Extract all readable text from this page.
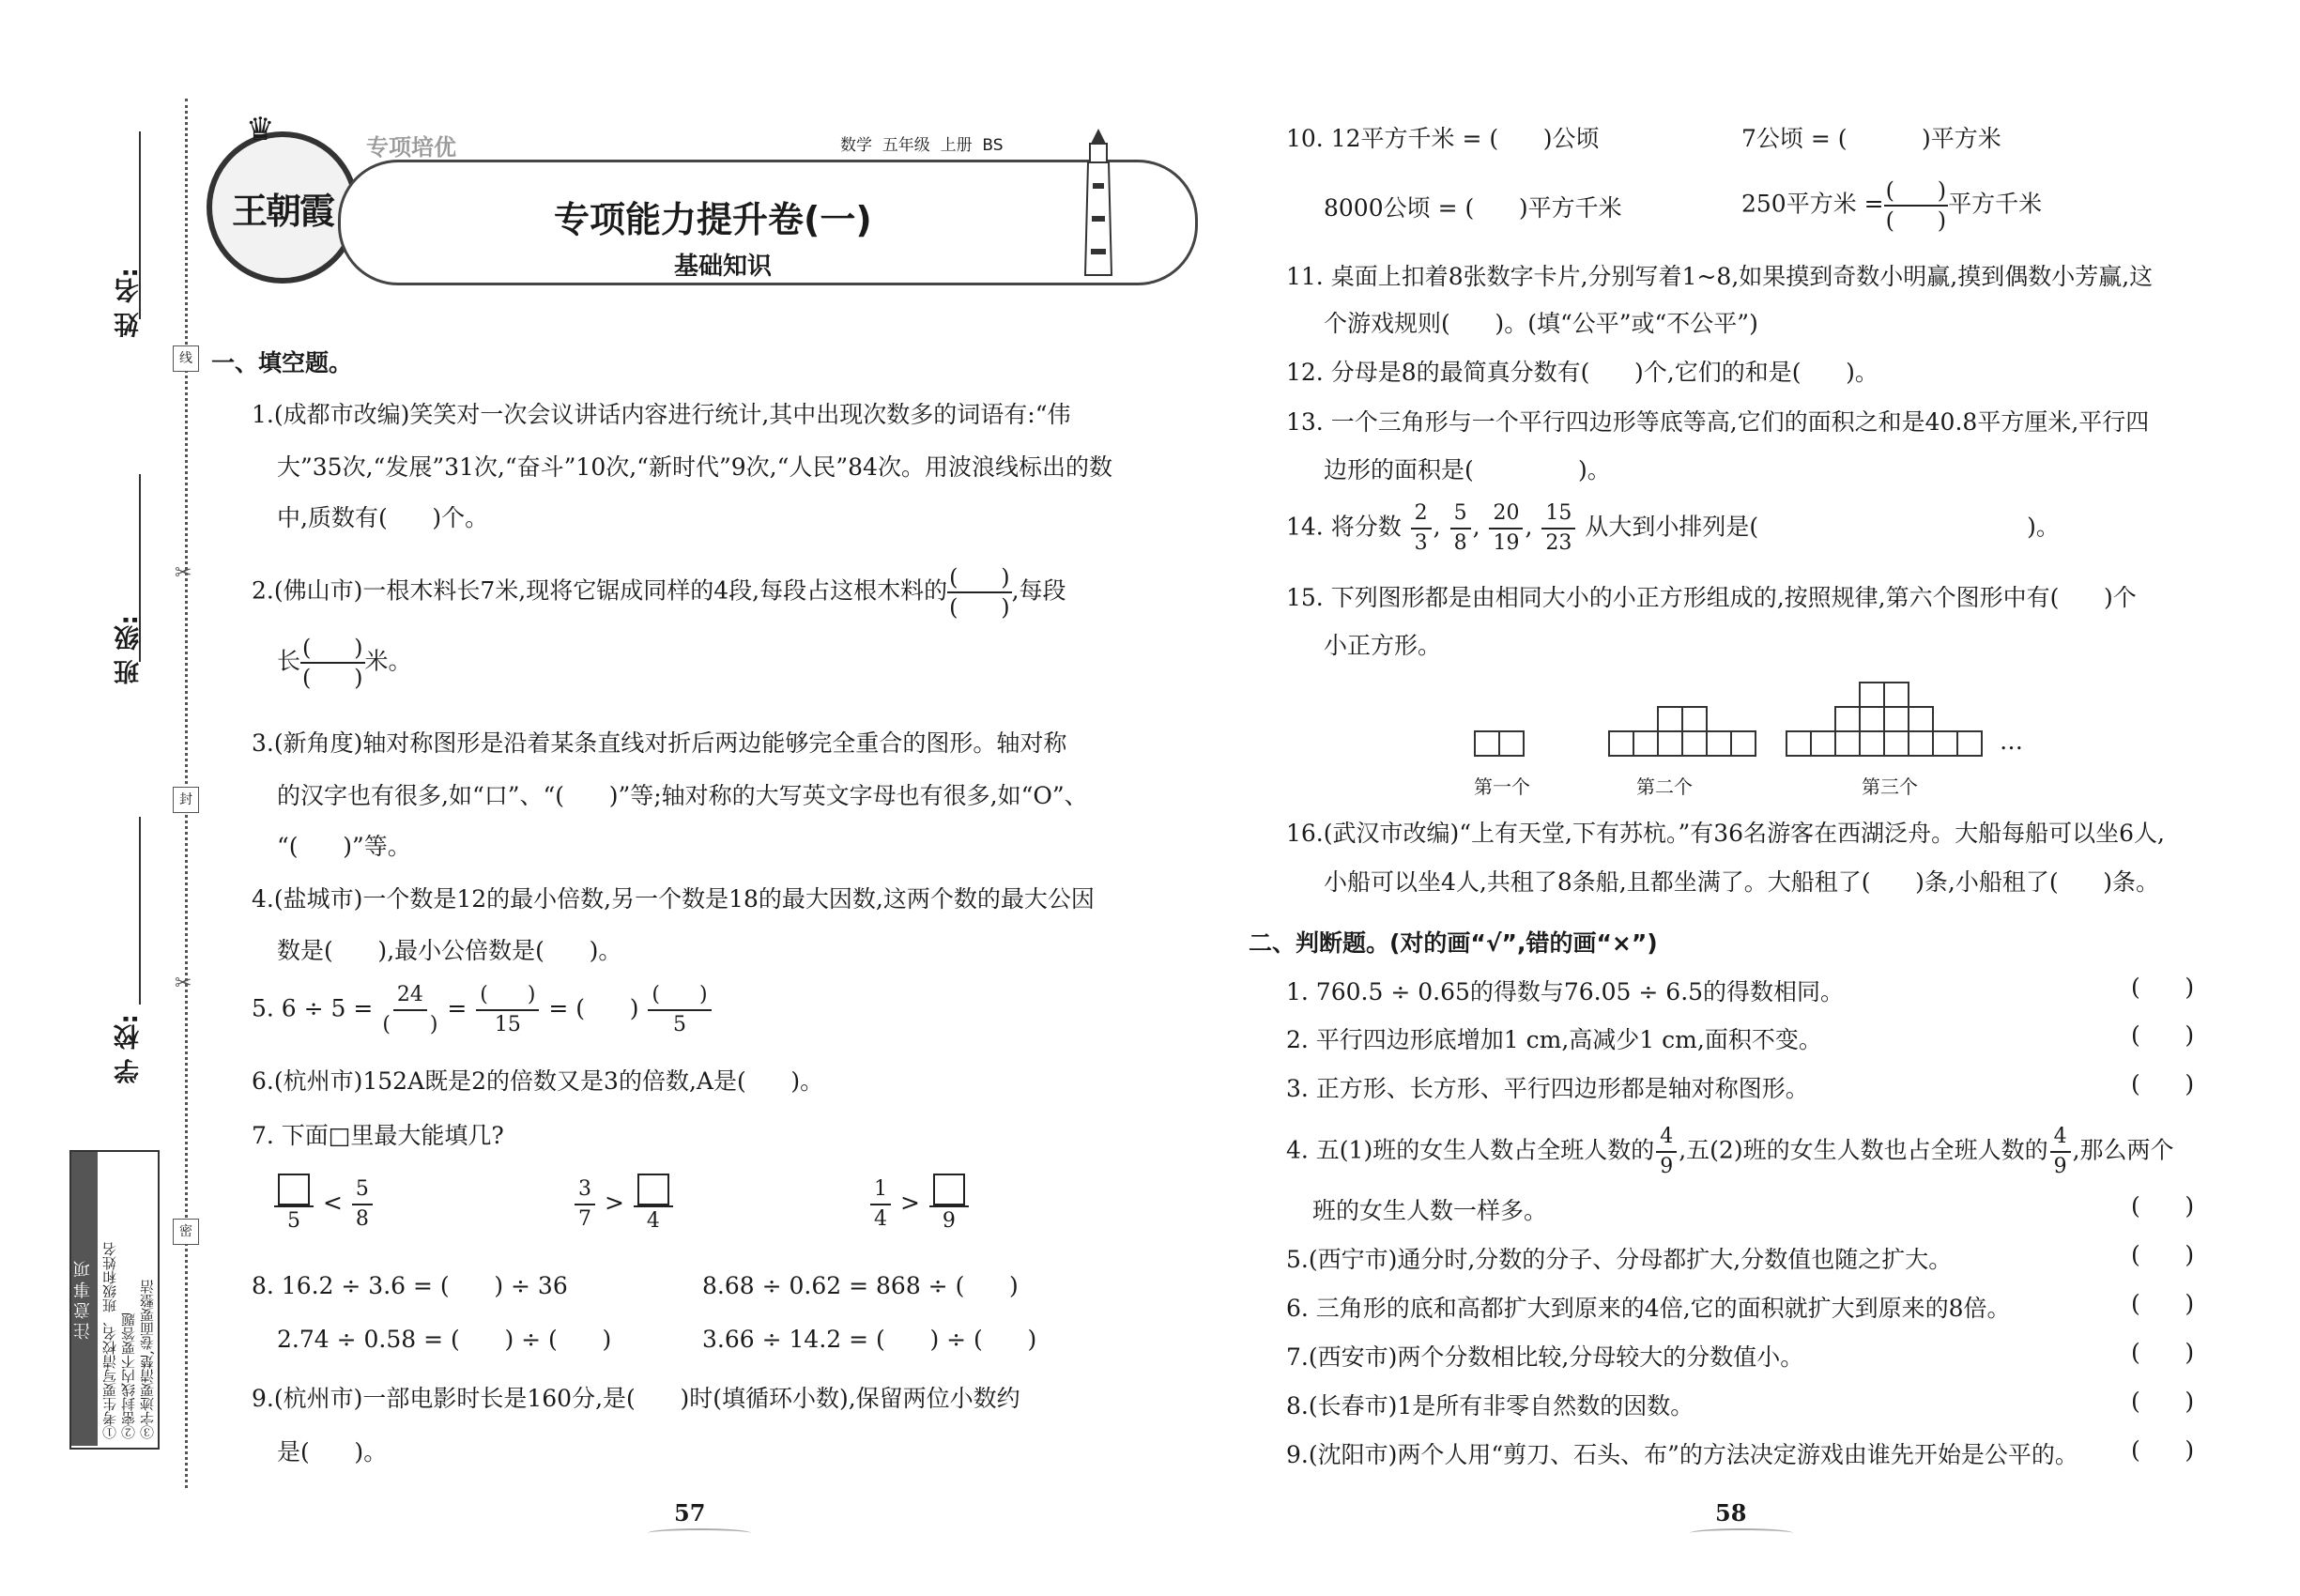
姓 名:
班 级:
学 校:
线
封
密
✂
✂
注意事项 ①考生要写清校名、班级和姓名 ②密封线内不要答题 ③字迹要清楚,卷面要整洁
王朝霞
♛	专项培优	数学  五年级  上册  BS
专项能力提升卷(一)
基础知识
一、填空题。
1.(成都市改编)笑笑对一次会议讲话内容进行统计,其中出现次数多的词语有:“伟
大”35次,“发展”31次,“奋斗”10次,“新时代”9次,“人民”84次。用波浪线标出的数
中,质数有(      )个。
2.(佛山市)一根木料长7米,现将它锯成同样的4段,每段占这根木料的 $\frac{( )}{( )}$ ,每段
长 $\frac{( )}{( )}$ 米。
3.(新角度)轴对称图形是沿着某条直线对折后两边能够完全重合的图形。轴对称
的汉字也有很多,如“口”、“(      )”等;轴对称的大写英文字母也有很多,如“O”、
“(      )”等。
4.(盐城市)一个数是12的最小倍数,另一个数是18的最大因数,这两个数的最大公因
数是(      ),最小公倍数是(      )。
5. $6 \div 5 = \frac{24}{( )} = \frac{( )}{15}$ = (      ) $\frac{( )}{5}$
6.(杭州市)152A既是2的倍数又是3的倍数,A是(      )。
7. 下面□里最大能填几?
5
< $\frac{5}{8}$	$\frac{3}{7}$ >
4	$\frac{1}{4}$ >
9
8. 16.2 ÷ 3.6 = (      ) ÷ 36	8.68 ÷ 0.62 = 868 ÷ (      )
2.74 ÷ 0.58 = (      ) ÷ (      )	3.66 ÷ 14.2 = (      ) ÷ (      )
9.(杭州市)一部电影时长是160分,是(      )时(填循环小数),保留两位小数约
是(      )。
57
10. 12平方千米 = (      )公顷	7公顷 = (          )平方米
8000公顷 = (      )平方千米	250平方米 = $\frac{( )}{( )}$ 平方千米
11. 桌面上扣着8张数字卡片,分别写着1~8,如果摸到奇数小明赢,摸到偶数小芳赢,这
个游戏规则(      )。(填“公平”或“不公平”)
12. 分母是8的最简真分数有(      )个,它们的和是(      )。
13. 一个三角形与一个平行四边形等底等高,它们的面积之和是40.8平方厘米,平行四
边形的面积是(              )。
14. 将分数 $\frac{2}{3}$ , $\frac{5}{8}$ , $\frac{20}{19}$ , $\frac{15}{23}$ 从大到小排列是(                                    )。
15. 下列图形都是由相同大小的小正方形组成的,按照规律,第六个图形中有(      )个
小正方形。
…
第一个	第二个	第三个
16.(武汉市改编)“上有天堂,下有苏杭。”有36名游客在西湖泛舟。大船每船可以坐6人,
小船可以坐4人,共租了8条船,且都坐满了。大船租了(      )条,小船租了(      )条。
二、判断题。(对的画“√”,错的画“×”)
1. 760.5 ÷ 0.65的得数与76.05 ÷ 6.5的得数相同。	(      )
2. 平行四边形底增加1 cm,高减少1 cm,面积不变。	(      )
3. 正方形、长方形、平行四边形都是轴对称图形。	(      )
4. 五(1)班的女生人数占全班人数的 $\frac{4}{9}$ ,五(2)班的女生人数也占全班人数的 $\frac{4}{9}$ ,那么两个
班的女生人数一样多。	(      )
5.(西宁市)通分时,分数的分子、分母都扩大,分数值也随之扩大。	(      )
6. 三角形的底和高都扩大到原来的4倍,它的面积就扩大到原来的8倍。	(      )
7.(西安市)两个分数相比较,分母较大的分数值小。	(      )
8.(长春市)1是所有非零自然数的因数。	(      )
9.(沈阳市)两个人用“剪刀、石头、布”的方法决定游戏由谁先开始是公平的。 (      )
58
